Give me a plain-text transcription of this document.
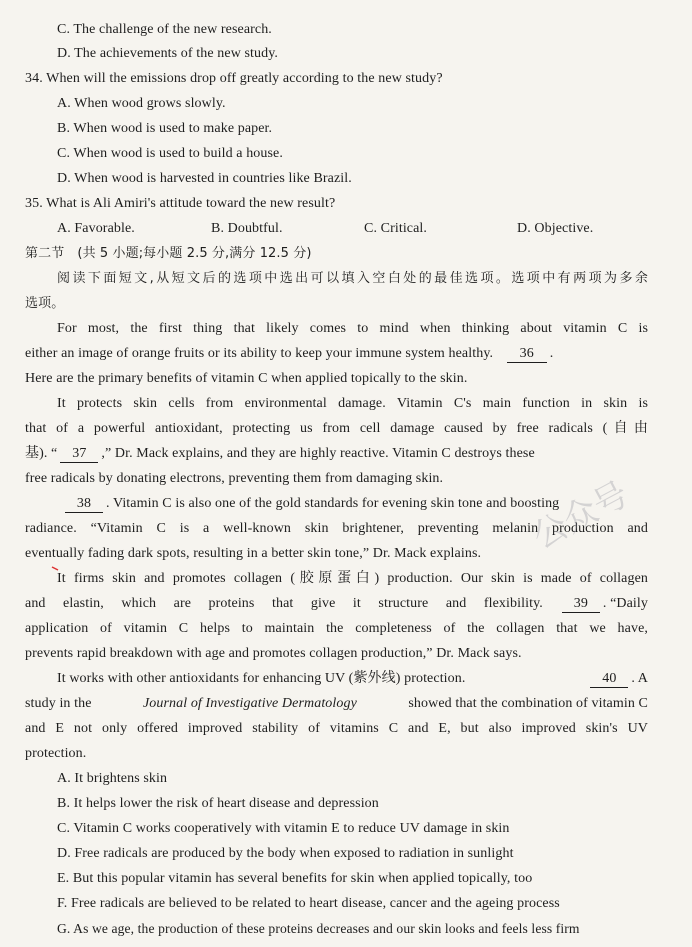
C. The challenge of the new research.
D. The achievements of the new study.
34. When will the emissions drop off greatly according to the new study?
A. When wood grows slowly.
B. When wood is used to make paper.
C. When wood is used to build a house.
D. When wood is harvested in countries like Brazil.
35. What is Ali Amiri's attitude toward the new result?
A. Favorable.	B. Doubtful.	C. Critical.	D. Objective.
第二节　(共 5 小题;每小题 2.5 分,满分 12.5 分)
阅读下面短文,从短文后的选项中选出可以填入空白处的最佳选项。选项中有两项为多余
选项。
For most, the first thing that likely comes to mind when thinking about vitamin C is
either an image of orange fruits or its ability to keep your immune system healthy. 36 .
Here are the primary benefits of vitamin C when applied topically to the skin.
It protects skin cells from environmental damage. Vitamin C's main function in skin is
that of a powerful antioxidant, protecting us from cell damage caused by free radicals (自由
基). “ 37 ,” Dr. Mack explains, and they are highly reactive. Vitamin C destroys these
free radicals by donating electrons, preventing them from damaging skin.
38 . Vitamin C is also one of the gold standards for evening skin tone and boosting
radiance. “Vitamin C is a well-known skin brightener, preventing melanin production and
eventually fading dark spots, resulting in a better skin tone,” Dr. Mack explains.
It firms skin and promotes collagen (胶原蛋白) production. Our skin is made of collagen
and elastin, which are proteins that give it structure and flexibility.	39 . “Daily
application of vitamin C helps to maintain the completeness of the collagen that we have,
prevents rapid breakdown with age and promotes collagen production,” Dr. Mack says.
It works with other antioxidants for enhancing UV (紫外线) protection.	40 . A
study in the	Journal of Investigative Dermatology	showed that the combination of vitamin C
and E not only offered improved stability of vitamins C and E, but also improved skin's UV
protection.
A. It brightens skin
B. It helps lower the risk of heart disease and depression
C. Vitamin C works cooperatively with vitamin E to reduce UV damage in skin
D. Free radicals are produced by the body when exposed to radiation in sunlight
E. But this popular vitamin has several benefits for skin when applied topically, too
F. Free radicals are believed to be related to heart disease, cancer and the ageing process
G. As we age, the production of these proteins decreases and our skin looks and feels less firm
公众号
